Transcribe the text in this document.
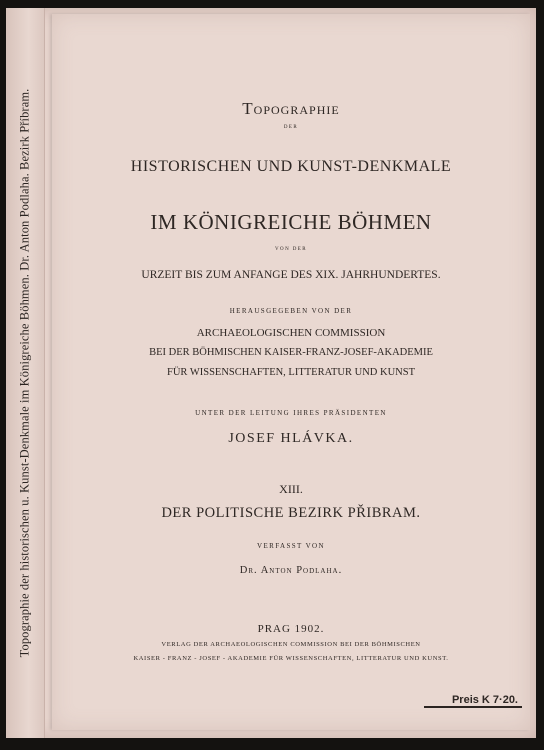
Topographie der historischen u. Kunst-Denkmale im Königreiche Böhmen. Dr. Anton Podlaha. Bezirk Příbram.	Topographie
DER
HISTORISCHEN UND KUNST-DENKMALE
IM KÖNIGREICHE BÖHMEN
VON DER
URZEIT BIS ZUM ANFANGE DES XIX. JAHRHUNDERTES.
HERAUSGEGEBEN VON DER
ARCHAEOLOGISCHEN COMMISSION
BEI DER BÖHMISCHEN KAISER-FRANZ-JOSEF-AKADEMIE
FÜR WISSENSCHAFTEN, LITTERATUR UND KUNST
UNTER DER LEITUNG IHRES PRÄSIDENTEN
JOSEF HLÁVKA.
XIII.
DER POLITISCHE BEZIRK PŘIBRAM.
VERFASST VON
Dr. Anton Podlaha.
PRAG 1902.
VERLAG DER ARCHAEOLOGISCHEN COMMISSION BEI DER BÖHMISCHEN
KAISER - FRANZ - JOSEF - AKADEMIE FÜR WISSENSCHAFTEN, LITTERATUR UND KUNST.
Preis K 7·20.
